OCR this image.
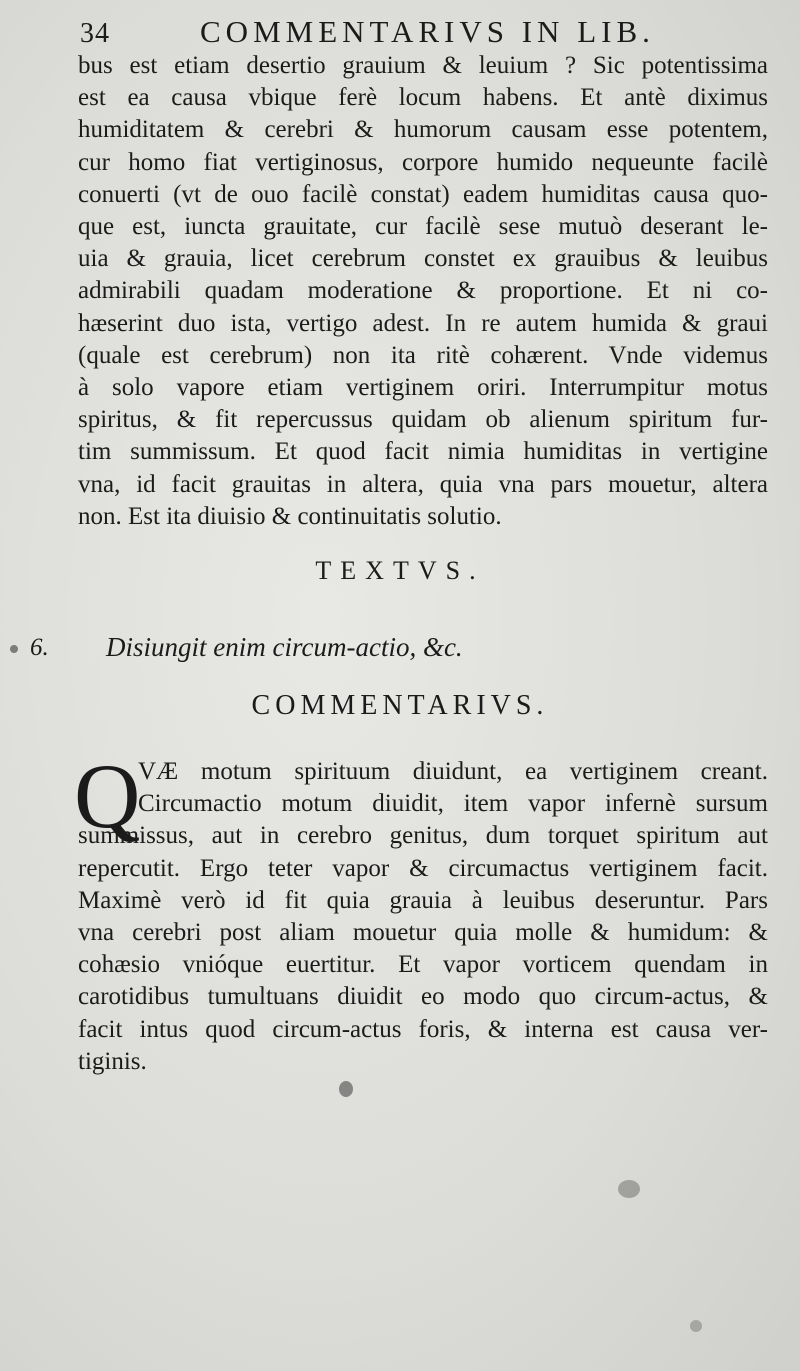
34	COMMENTARIVS IN LIB.
bus est etiam desertio grauium & leuium ? Sic potentissima
est ea causa vbique ferè locum habens. Et antè diximus
humiditatem & cerebri & humorum causam esse potentem,
cur homo fiat vertiginosus, corpore humido nequeunte facilè
conuerti (vt de ouo facilè constat) eadem humiditas causa quo-
que est, iuncta grauitate, cur facilè sese mutuò deserant le-
uia & grauia, licet cerebrum constet ex grauibus & leuibus
admirabili quadam moderatione & proportione. Et ni co-
hæserint duo ista, vertigo adest. In re autem humida & graui
(quale est cerebrum) non ita ritè cohærent. Vnde videmus
à solo vapore etiam vertiginem oriri. Interrumpitur motus
spiritus, & fit repercussus quidam ob alienum spiritum fur-
tim summissum. Et quod facit nimia humiditas in vertigine
vna, id facit grauitas in altera, quia vna pars mouetur, altera
non. Est ita diuisio & continuitatis solutio.
TEXTVS.
6. Disiungit enim circum-actio, &c.
COMMENTARIVS.
Q
VÆ motum spirituum diuidunt, ea vertiginem creant.
Circumactio motum diuidit, item vapor infernè sursum
summissus, aut in cerebro genitus, dum torquet spiritum aut
repercutit. Ergo teter vapor & circumactus vertiginem facit.
Maximè verò id fit quia grauia à leuibus deseruntur. Pars
vna cerebri post aliam mouetur quia molle & humidum: &
cohæsio vnióque euertitur. Et vapor vorticem quendam in
carotidibus tumultuans diuidit eo modo quo circum-actus, &
facit intus quod circum-actus foris, & interna est causa ver-
tiginis.
